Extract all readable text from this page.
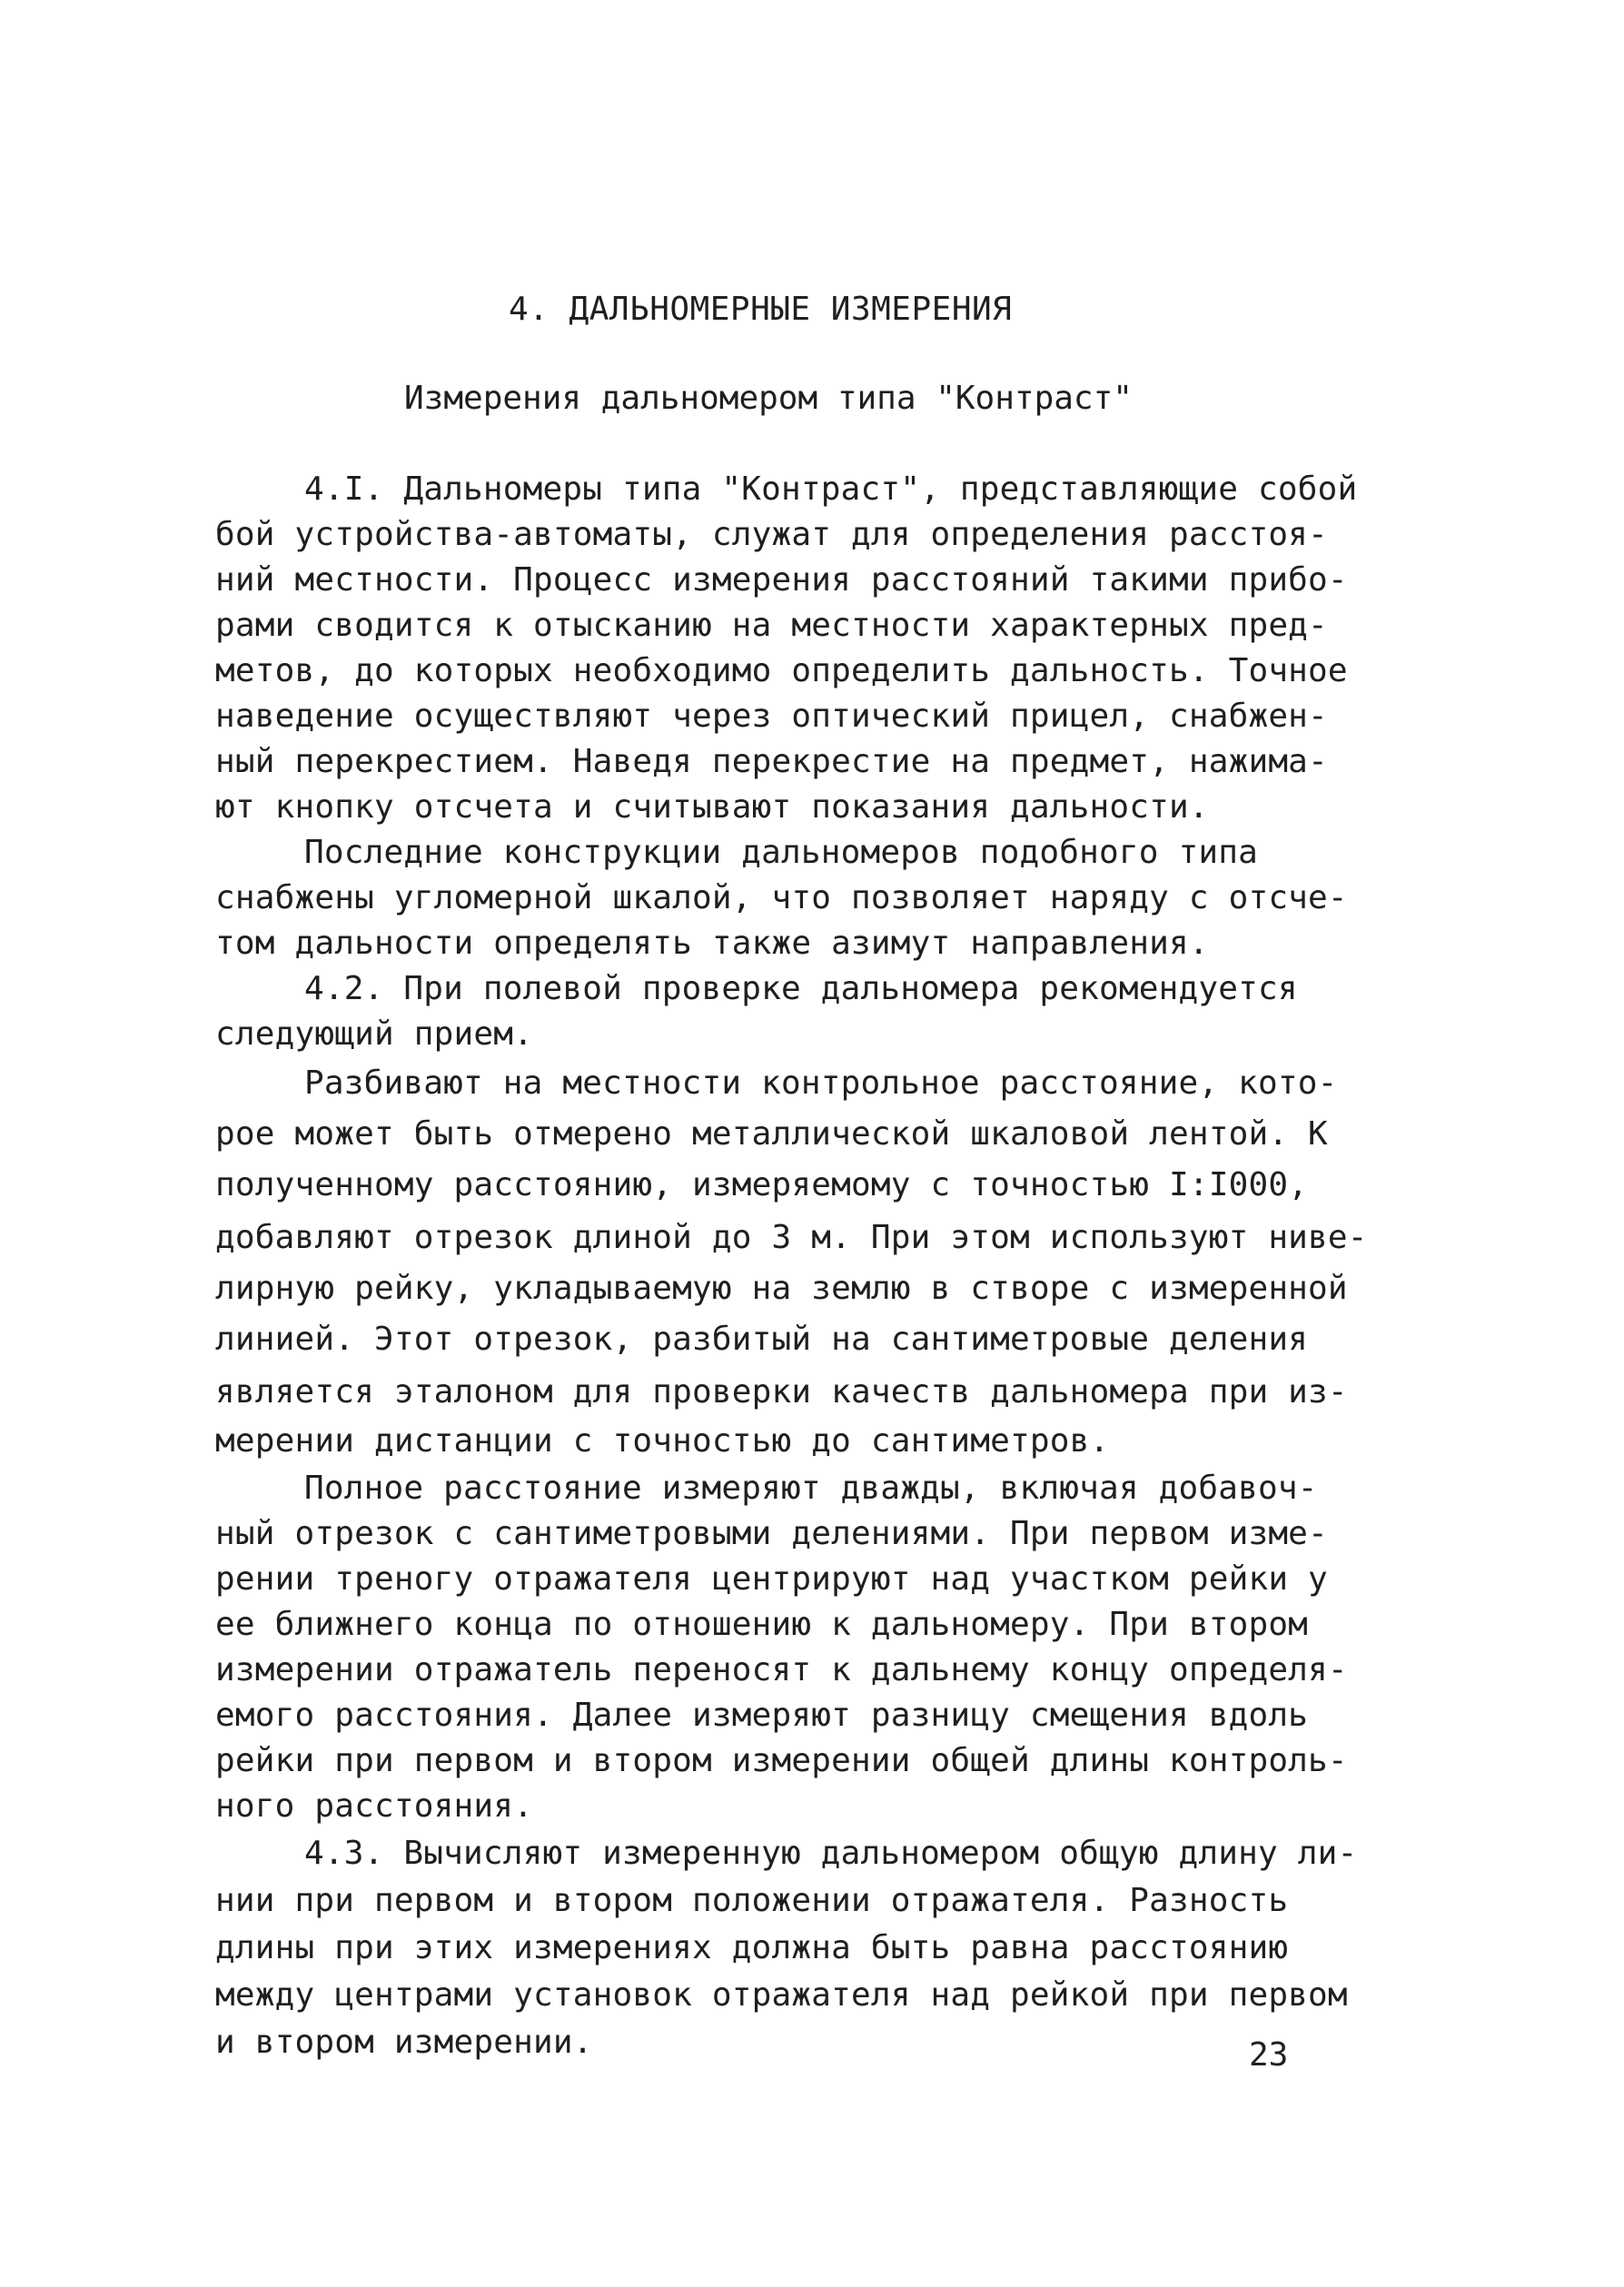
4. ДАЛЬНОМЕРНЫЕ ИЗМЕРЕНИЯ
Измерения дальномером типа "Контраст"
4.I. Дальномеры типа "Контраст", представляющие собой
бой устройства-автоматы, служат для определения расстоя-
ний местности. Процесс измерения расстояний такими прибо-
рами сводится к отысканию на местности характерных пред-
метов, до которых необходимо определить дальность. Точное
наведение осуществляют через оптический прицел, снабжен-
ный перекрестием. Наведя перекрестие на предмет, нажима-
ют кнопку отсчета и считывают показания дальности.
Последние конструкции дальномеров подобного типа
снабжены угломерной шкалой, что позволяет наряду с отсче-
том дальности определять также азимут направления.
4.2. При полевой проверке дальномера рекомендуется
следующий прием.
Разбивают на местности контрольное расстояние, кото-
рое может быть отмерено металлической шкаловой лентой. К
полученному расстоянию, измеряемому с точностью I:I000,
добавляют отрезок длиной до 3 м. При этом используют ниве-
лирную рейку, укладываемую на землю в створе с измеренной
линией. Этот отрезок, разбитый на сантиметровые деления
является эталоном для проверки качеств дальномера при из-
мерении дистанции с точностью до сантиметров.
Полное расстояние измеряют дважды, включая добавоч-
ный отрезок с сантиметровыми делениями. При первом изме-
рении треногу отражателя центрируют над участком рейки у
ее ближнего конца по отношению к дальномеру. При втором
измерении отражатель переносят к дальнему концу определя-
емого расстояния. Далее измеряют разницу смещения вдоль
рейки при первом и втором измерении общей длины контроль-
ного расстояния.
4.3. Вычисляют измеренную дальномером общую длину ли-
нии при первом и втором положении отражателя. Разность
длины при этих измерениях должна быть равна расстоянию
между центрами установок отражателя над рейкой при первом
и втором измерении.	23
